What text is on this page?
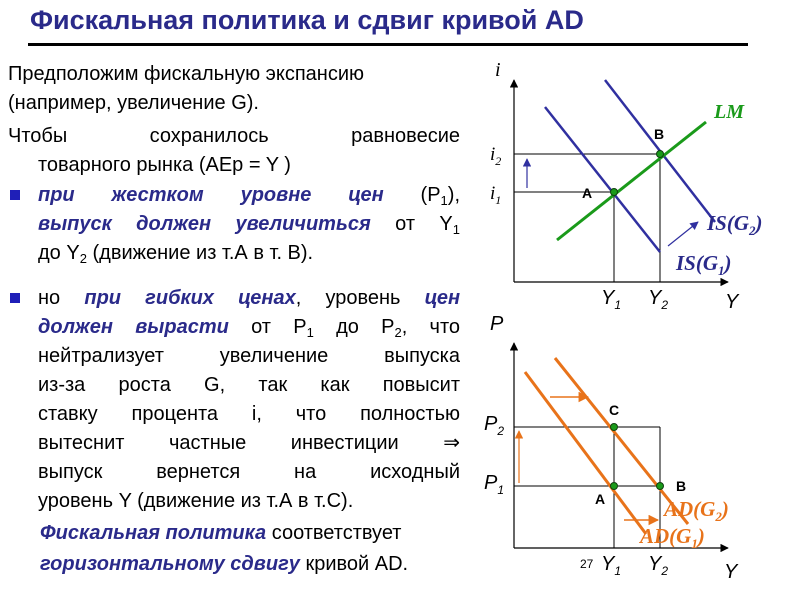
Фискальная политика и сдвиг кривой AD
Предположим фискальную экспансию (например, увеличение G).
Чтобы сохранилось равновесие
товарного рынка (AEp = Y )
при жестком уровне цен $(P_1)$,
выпуск должен увеличиться от $Y_1$
до $Y_2$ (движение из т.А в т. В).
но при гибких ценах, уровень цен
должен вырасти от $P_1$ до $P_2$, что
нейтрализует увеличение выпуска
из-за роста G, так как повысит
ставку процента i, что полностью
вытеснит частные инвестиции ⇒
выпуск вернется на исходный
уровень Y (движение из т.А в т.С).
Фискальная политика соответствует
горизонтальному сдвигу кривой AD.	27
i
Y
$i_2$
$i_1$
$Y_1$ $Y_2$
A
B
LM
$IS(G_2)$
$IS(G_1)$
P
Y
$P_2$
$P_1$
$Y_1$ $Y_2$
C
A
B
$AD(G_2)$
$AD(G_1)$
